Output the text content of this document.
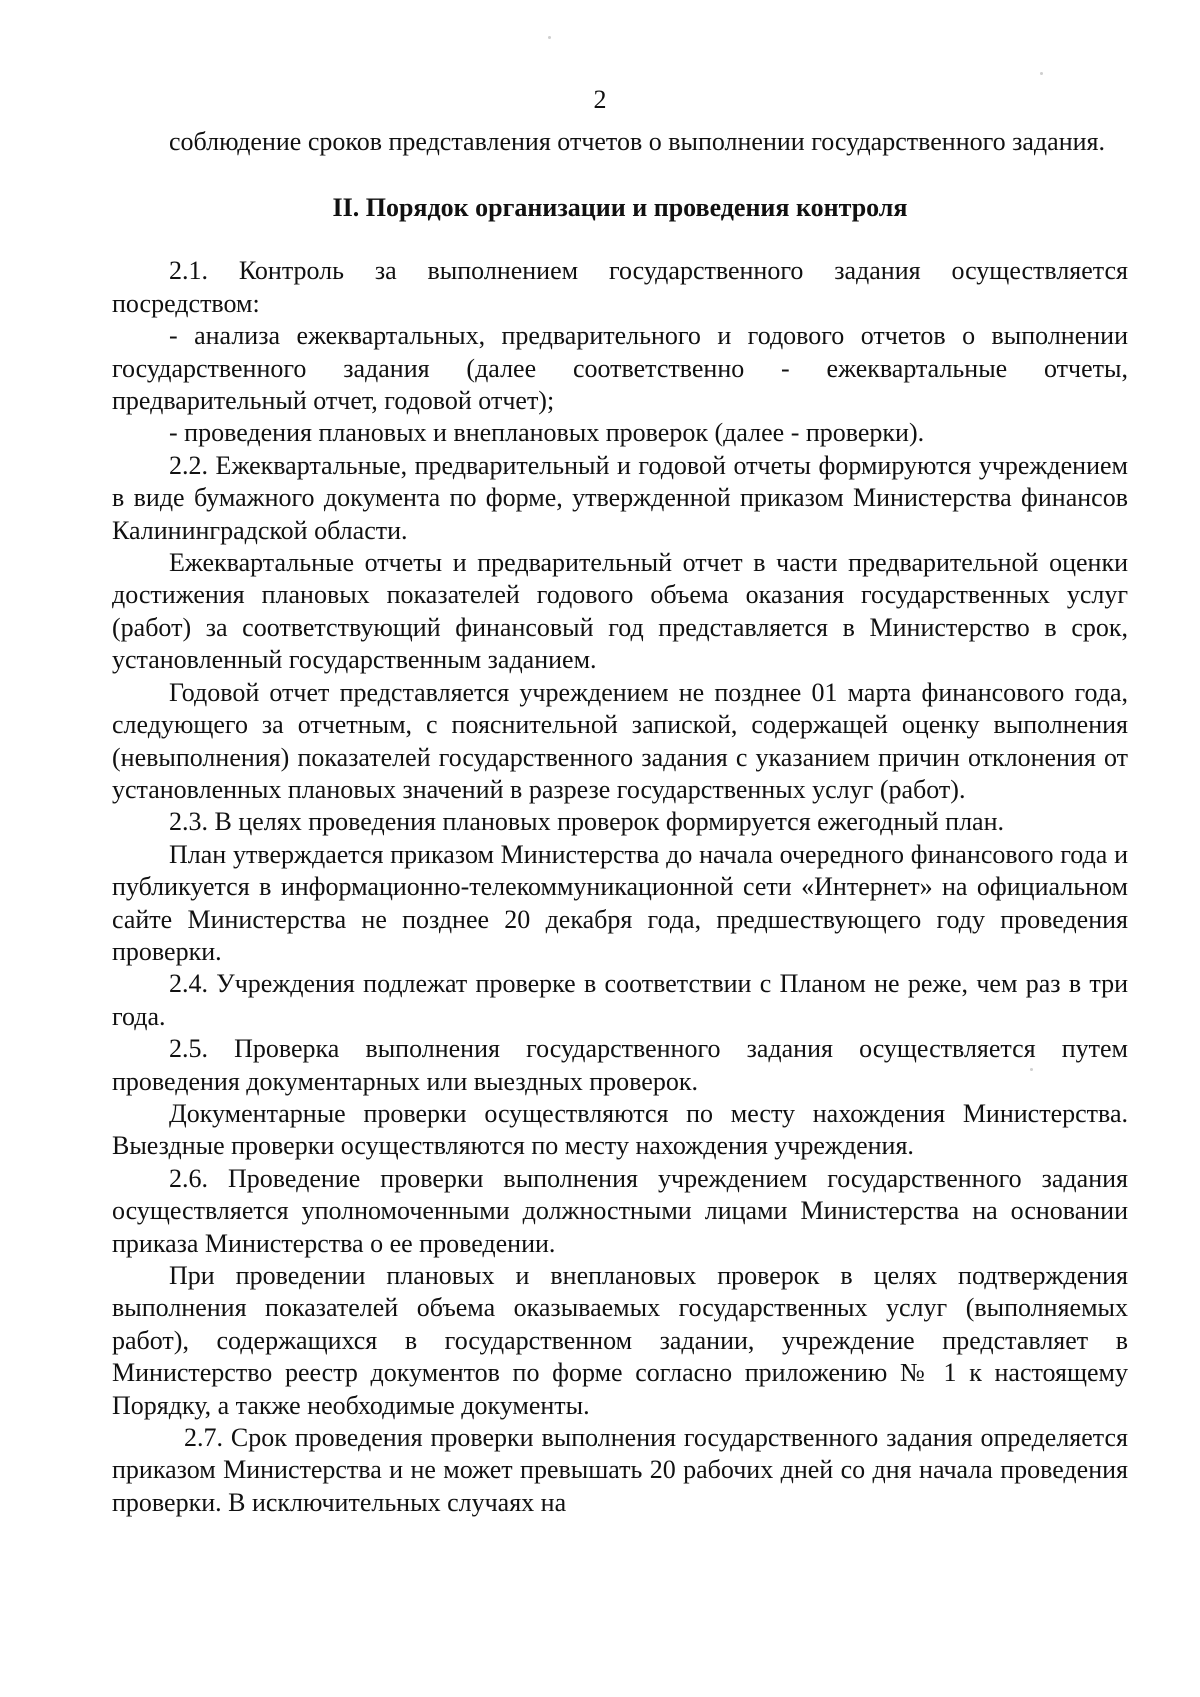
2

соблюдение сроков представления отчетов о выполнении государственного задания.

II. Порядок организации и проведения контроля

2.1. Контроль за выполнением государственного задания осуществляется посредством:

- анализа ежеквартальных, предварительного и годового отчетов о выполнении государственного задания (далее соответственно - ежеквартальные отчеты, предварительный отчет, годовой отчет);

- проведения плановых и внеплановых проверок (далее - проверки).

2.2. Ежеквартальные, предварительный и годовой отчеты формируются учреждением в виде бумажного документа по форме, утвержденной приказом Министерства финансов Калининградской области.

Ежеквартальные отчеты и предварительный отчет в части предварительной оценки достижения плановых показателей годового объема оказания государственных услуг (работ) за соответствующий финансовый год представляется в Министерство в срок, установленный государственным заданием.

Годовой отчет представляется учреждением не позднее 01 марта финансового года, следующего за отчетным, с пояснительной запиской, содержащей оценку выполнения (невыполнения) показателей государственного задания с указанием причин отклонения от установленных плановых значений в разрезе государственных услуг (работ).

2.3. В целях проведения плановых проверок формируется ежегодный план.

План утверждается приказом Министерства до начала очередного финансового года и публикуется в информационно-телекоммуникационной сети «Интернет» на официальном сайте Министерства не позднее 20 декабря года, предшествующего году проведения проверки.

2.4. Учреждения подлежат проверке в соответствии с Планом не реже, чем раз в три года.

2.5. Проверка выполнения государственного задания осуществляется путем проведения документарных или выездных проверок.

Документарные проверки осуществляются по месту нахождения Министерства. Выездные проверки осуществляются по месту нахождения учреждения.

2.6. Проведение проверки выполнения учреждением государственного задания осуществляется уполномоченными должностными лицами Министерства на основании приказа Министерства о ее проведении.

При проведении плановых и внеплановых проверок в целях подтверждения выполнения показателей объема оказываемых государственных услуг (выполняемых работ), содержащихся в государственном задании, учреждение представляет в Министерство реестр документов по форме согласно приложению № 1 к настоящему Порядку, а также необходимые документы.

2.7. Срок проведения проверки выполнения государственного задания определяется приказом Министерства и не может превышать 20 рабочих дней со дня начала проведения проверки. В исключительных случаях на
